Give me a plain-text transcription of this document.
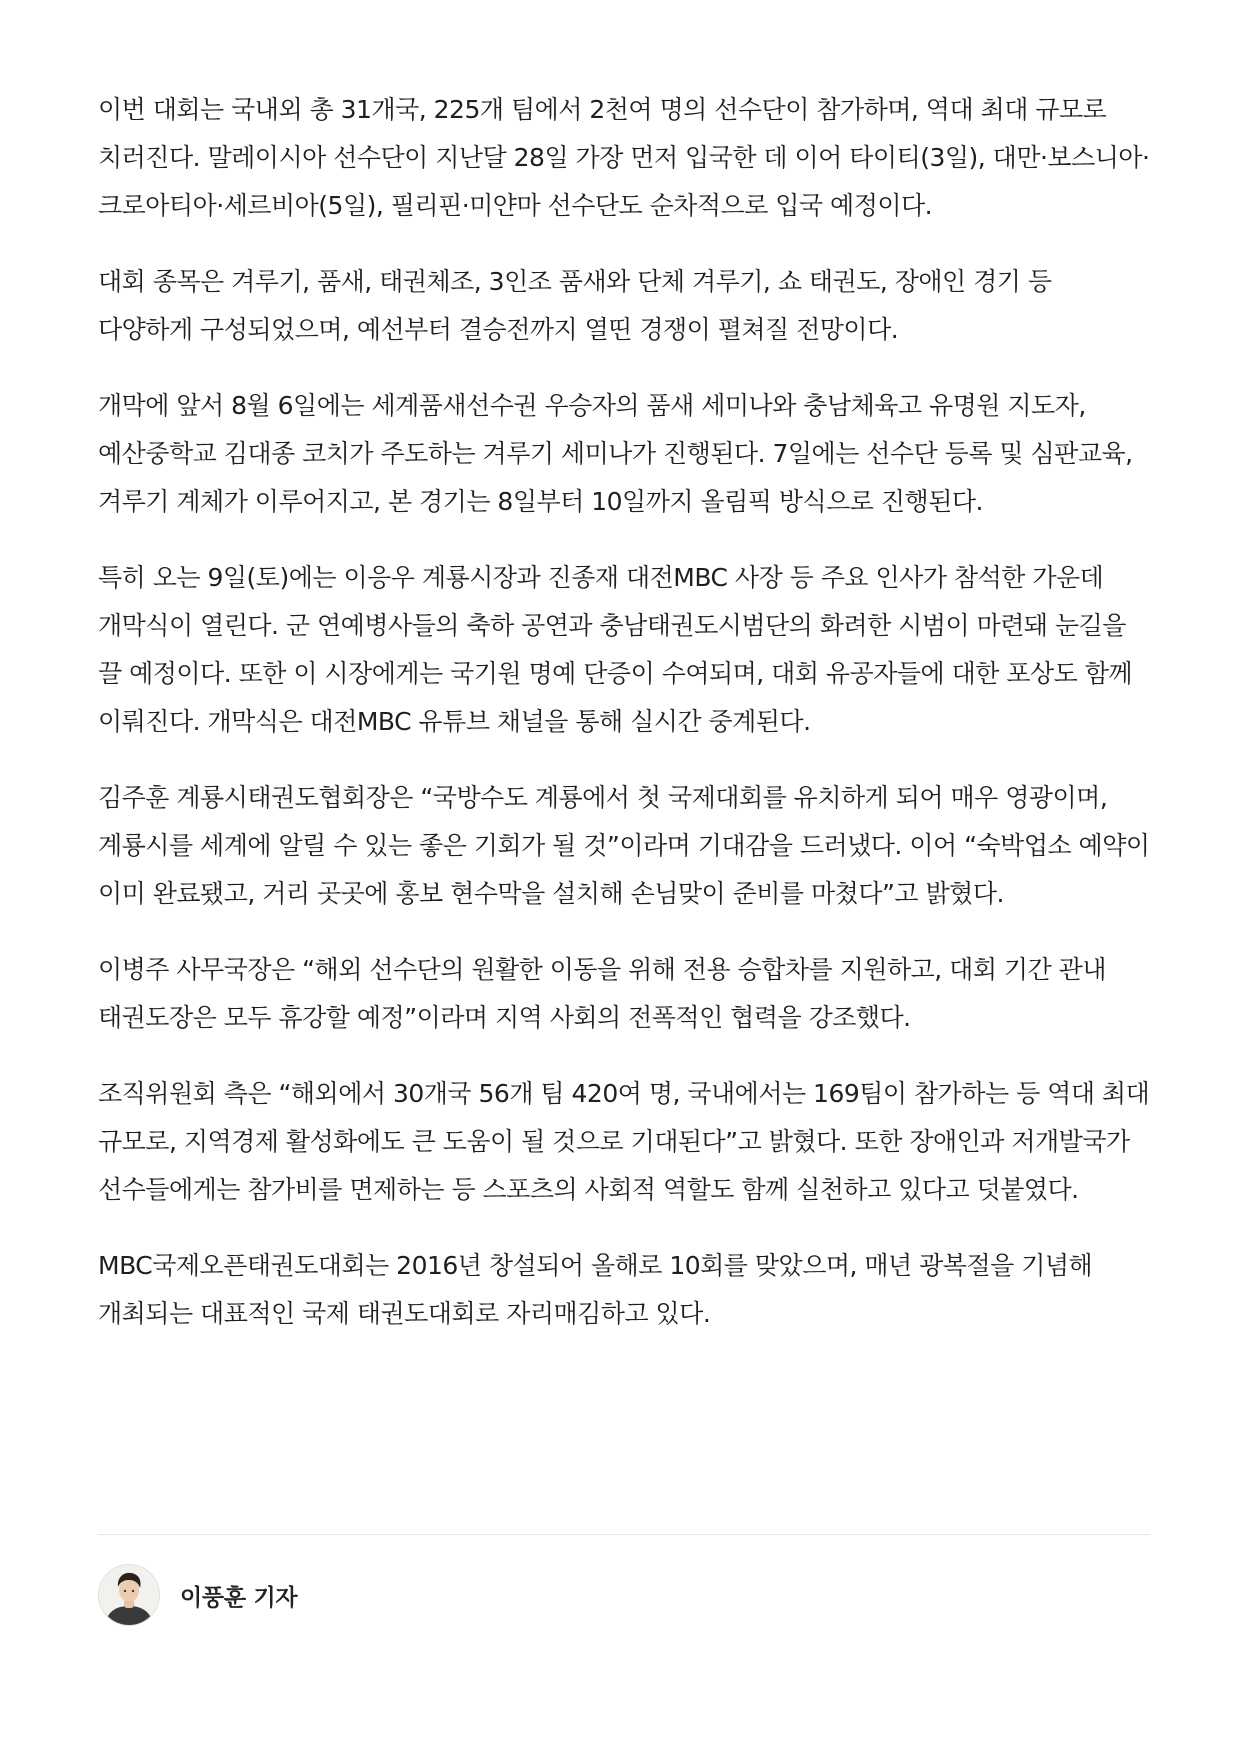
이번 대회는 국내외 총 31개국, 225개 팀에서 2천여 명의 선수단이 참가하며, 역대 최대 규모로 치러진다. 말레이시아 선수단이 지난달 28일 가장 먼저 입국한 데 이어 타이티(3일), 대만·보스니아·크로아티아·세르비아(5일), 필리핀·미얀마 선수단도 순차적으로 입국 예정이다.

대회 종목은 겨루기, 품새, 태권체조, 3인조 품새와 단체 겨루기, 쇼 태권도, 장애인 경기 등 다양하게 구성되었으며, 예선부터 결승전까지 열띤 경쟁이 펼쳐질 전망이다.

개막에 앞서 8월 6일에는 세계품새선수권 우승자의 품새 세미나와 충남체육고 유명원 지도자, 예산중학교 김대종 코치가 주도하는 겨루기 세미나가 진행된다. 7일에는 선수단 등록 및 심판교육, 겨루기 계체가 이루어지고, 본 경기는 8일부터 10일까지 올림픽 방식으로 진행된다.

특히 오는 9일(토)에는 이응우 계룡시장과 진종재 대전MBC 사장 등 주요 인사가 참석한 가운데 개막식이 열린다. 군 연예병사들의 축하 공연과 충남태권도시범단의 화려한 시범이 마련돼 눈길을 끌 예정이다. 또한 이 시장에게는 국기원 명예 단증이 수여되며, 대회 유공자들에 대한 포상도 함께 이뤄진다. 개막식은 대전MBC 유튜브 채널을 통해 실시간 중계된다.

김주훈 계룡시태권도협회장은 “국방수도 계룡에서 첫 국제대회를 유치하게 되어 매우 영광이며, 계룡시를 세계에 알릴 수 있는 좋은 기회가 될 것”이라며 기대감을 드러냈다. 이어 “숙박업소 예약이 이미 완료됐고, 거리 곳곳에 홍보 현수막을 설치해 손님맞이 준비를 마쳤다”고 밝혔다.

이병주 사무국장은 “해외 선수단의 원활한 이동을 위해 전용 승합차를 지원하고, 대회 기간 관내 태권도장은 모두 휴강할 예정”이라며 지역 사회의 전폭적인 협력을 강조했다.

조직위원회 측은 “해외에서 30개국 56개 팀 420여 명, 국내에서는 169팀이 참가하는 등 역대 최대 규모로, 지역경제 활성화에도 큰 도움이 될 것으로 기대된다”고 밝혔다. 또한 장애인과 저개발국가 선수들에게는 참가비를 면제하는 등 스포츠의 사회적 역할도 함께 실천하고 있다고 덧붙였다.

MBC국제오픈태권도대회는 2016년 창설되어 올해로 10회를 맞았으며, 매년 광복절을 기념해 개최되는 대표적인 국제 태권도대회로 자리매김하고 있다.

이풍훈 기자
